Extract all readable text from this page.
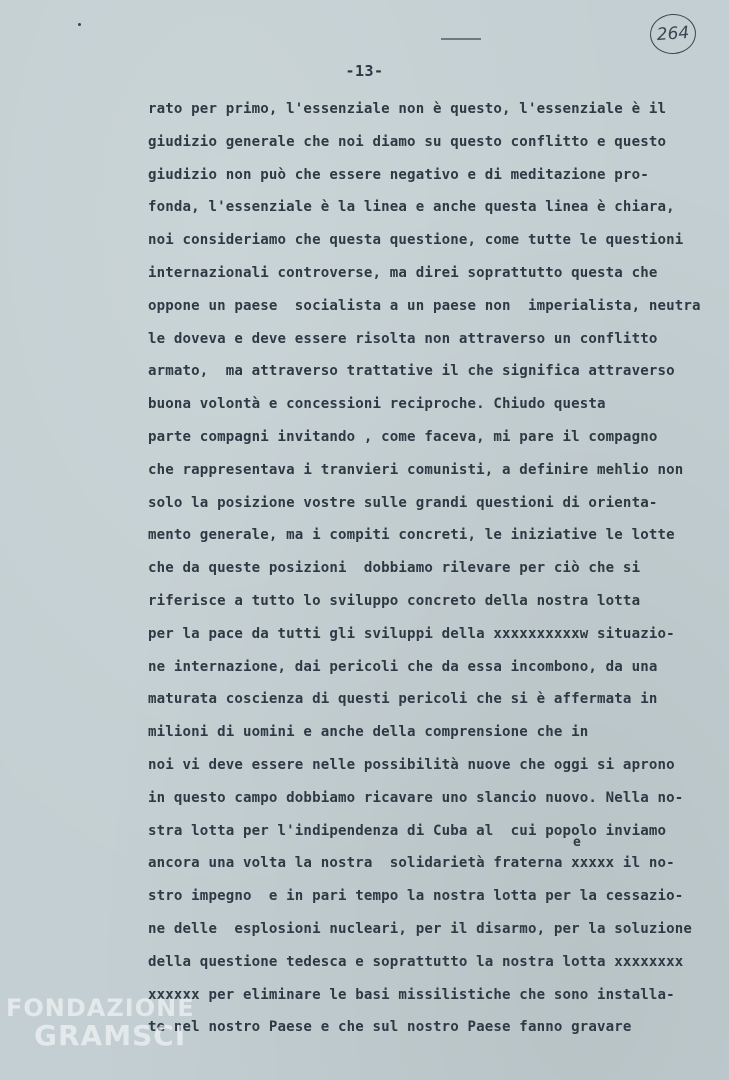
264
-13-
rato per primo, l'essenziale non è questo, l'essenziale è il
giudizio generale che noi diamo su questo conflitto e questo
giudizio non può che essere negativo e di meditazione pro-
fonda, l'essenziale è la linea e anche questa linea è chiara,
noi consideriamo che questa questione, come tutte le questioni
internazionali controverse, ma direi soprattutto questa che
oppone un paese  socialista a un paese non  imperialista, neutra
le doveva e deve essere risolta non attraverso un conflitto
armato,  ma attraverso trattative il che significa attraverso
buona volontà e concessioni reciproche. Chiudo questa
parte compagni invitando , come faceva, mi pare il compagno
che rappresentava i tranvieri comunisti, a definire mehlio non
solo la posizione vostre sulle grandi questioni di orienta-
mento generale, ma i compiti concreti, le iniziative le lotte
che da queste posizioni  dobbiamo rilevare per ciò che si
riferisce a tutto lo sviluppo concreto della nostra lotta
per la pace da tutti gli sviluppi della xxxxxxxxxxw situazio-
ne internazione, dai pericoli che da essa incombono, da una
maturata coscienza di questi pericoli che si è affermata in
milioni di uomini e anche della comprensione che in
noi vi deve essere nelle possibilità nuove che oggi si aprono
in questo campo dobbiamo ricavare uno slancio nuovo. Nella no-
stra lotta per l'indipendenza di Cuba al  cui popolo inviamo
ancora una volta la nostra  solidarietà fraterna xxxxx il no-
stro impegno  e in pari tempo la nostra lotta per la cessazio-
ne delle  esplosioni nucleari, per il disarmo, per la soluzione
della questione tedesca e soprattutto la nostra lotta xxxxxxxx
xxxxxx per eliminare le basi missilistiche che sono installa-
te nel nostro Paese e che sul nostro Paese fanno gravare
e
FONDAZIONE
GRAMSCI
